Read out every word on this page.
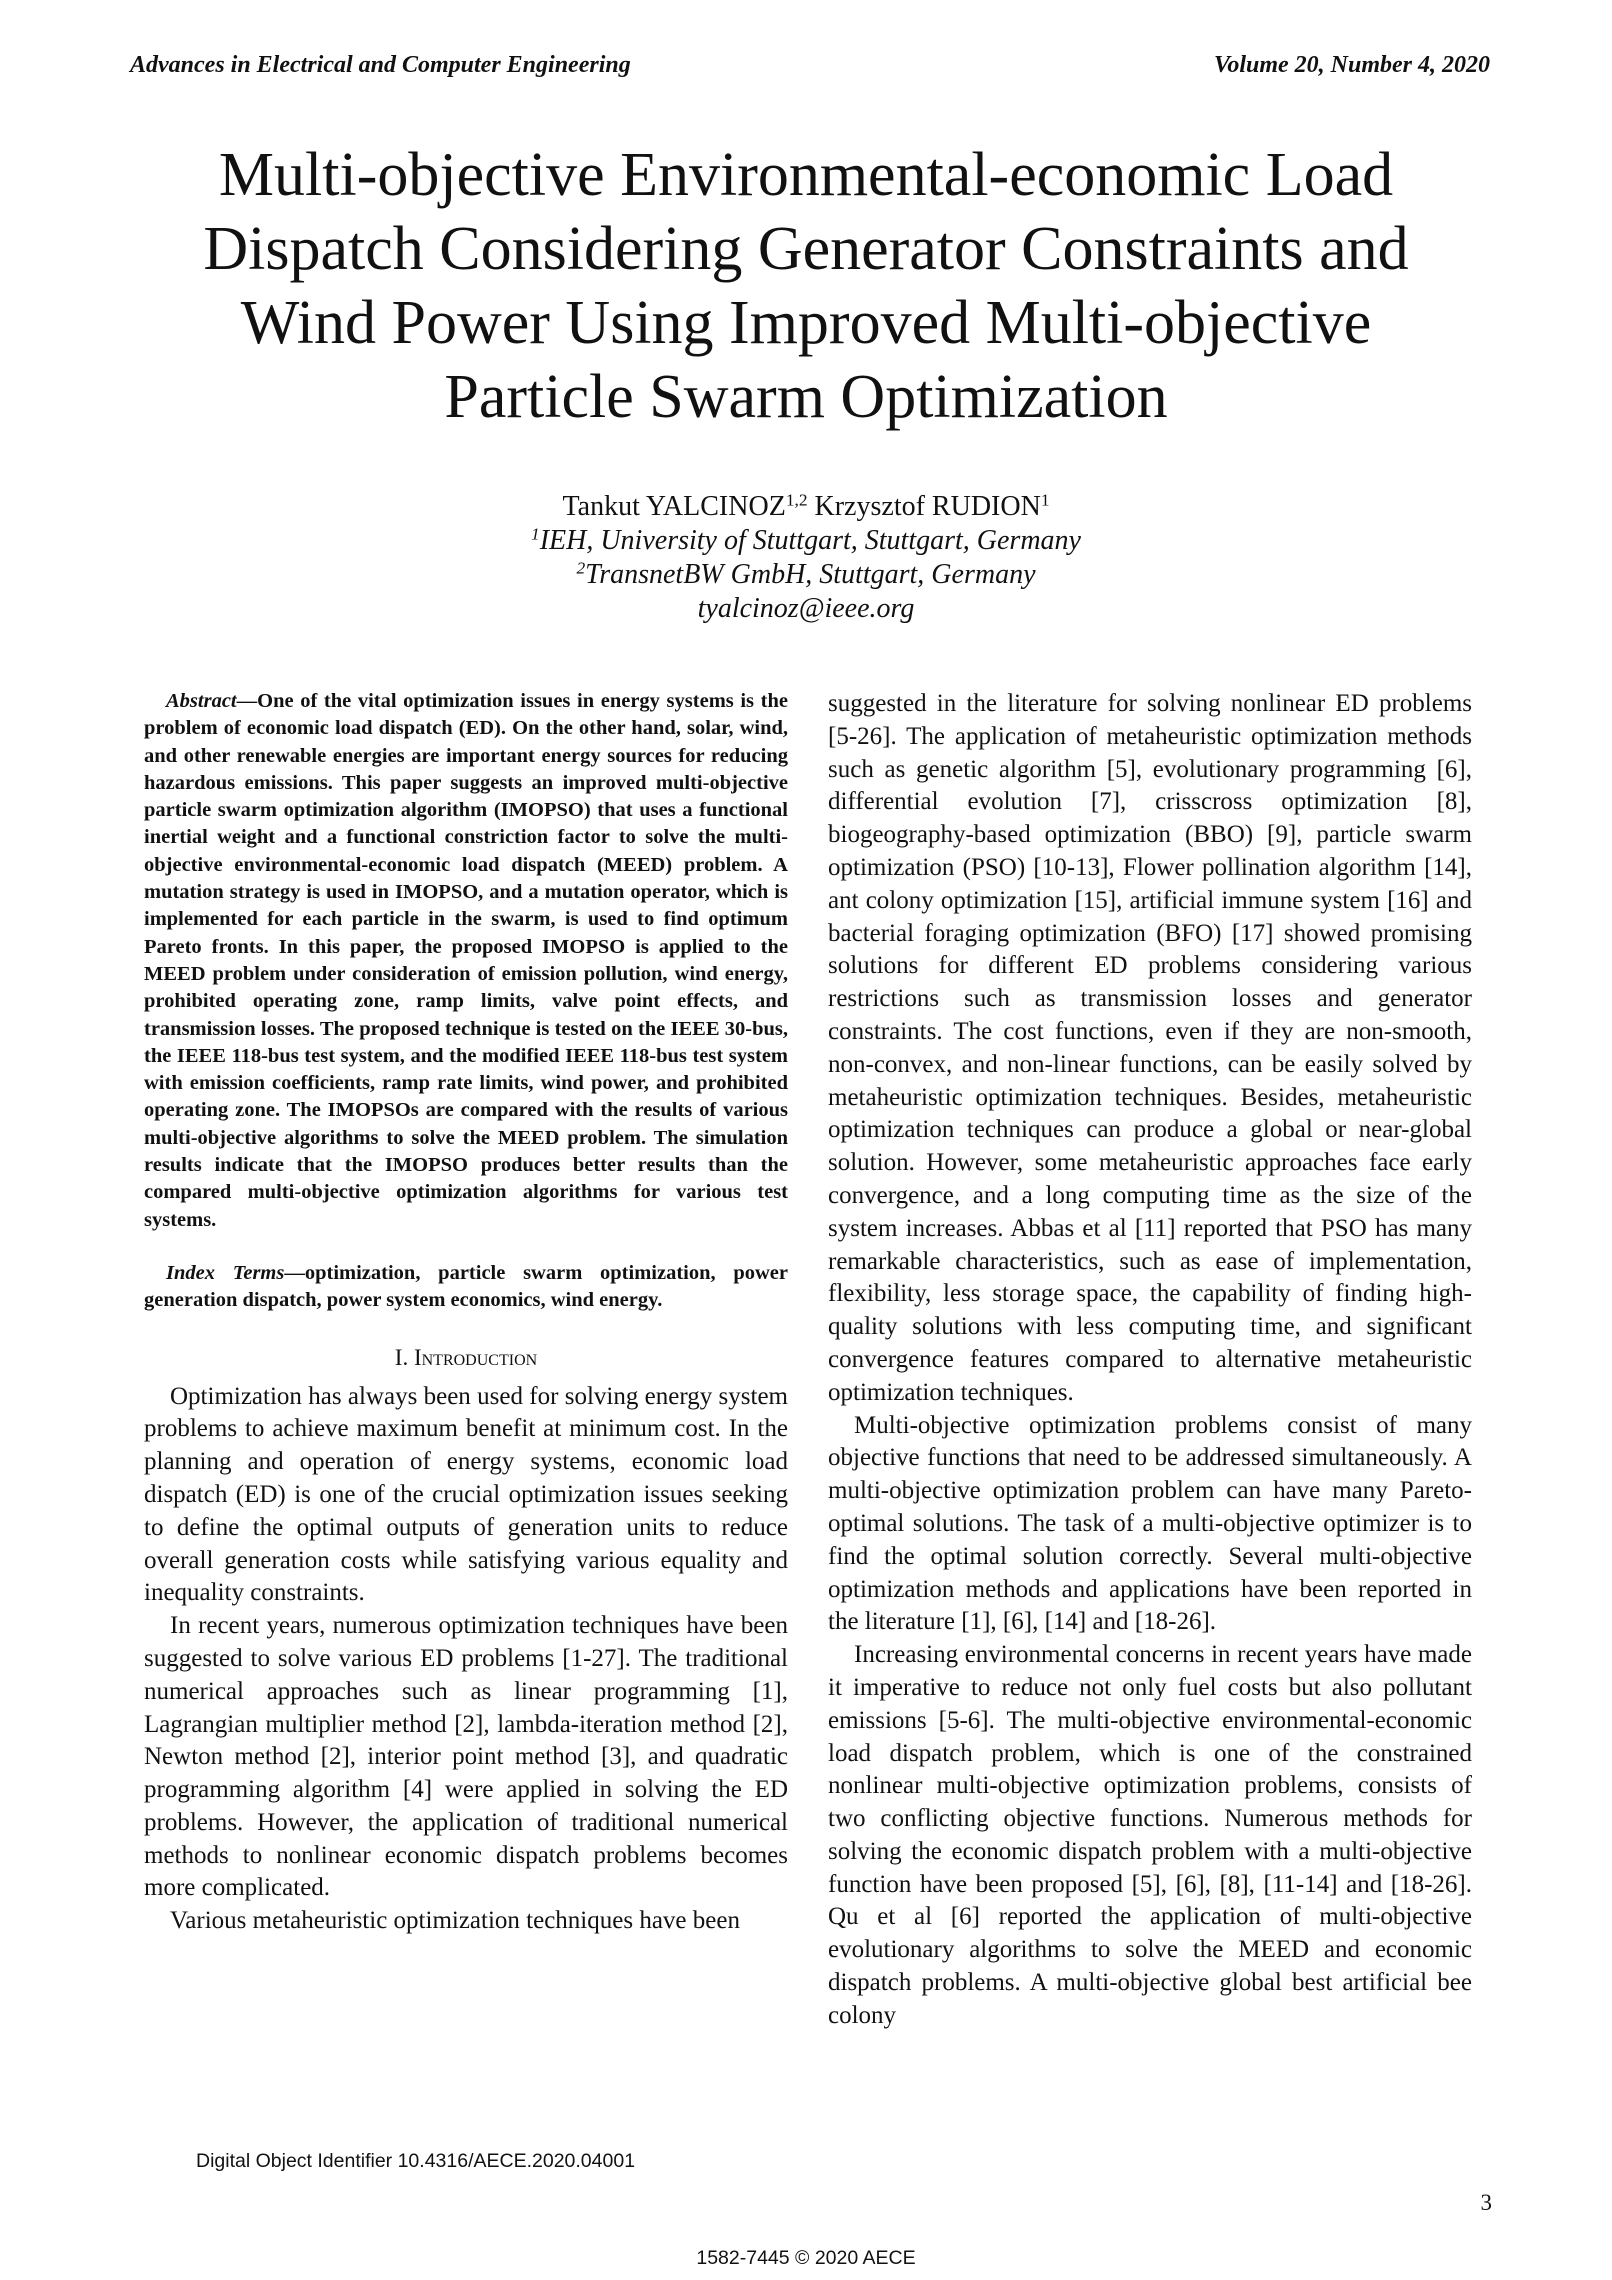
Advances in Electrical and Computer Engineering	Volume 20, Number 4, 2020
Multi-objective Environmental-economic Load
Dispatch Considering Generator Constraints and
Wind Power Using Improved Multi-objective
Particle Swarm Optimization
Tankut YALCINOZ$^{1,2}$ Krzysztof RUDION$^1$
$^1$IEH, University of Stuttgart, Stuttgart, Germany
$^2$TransnetBW GmbH, Stuttgart, Germany
tyalcinoz@ieee.org

Abstract—One of the vital optimization issues in energy systems is the problem of economic load dispatch (ED). On the other hand, solar, wind, and other renewable energies are important energy sources for reducing hazardous emissions. This paper suggests an improved multi-objective particle swarm optimization algorithm (IMOPSO) that uses a functional inertial weight and a functional constriction factor to solve the multi-objective environmental-economic load dispatch (MEED) problem. A mutation strategy is used in IMOPSO, and a mutation operator, which is implemented for each particle in the swarm, is used to find optimum Pareto fronts. In this paper, the proposed IMOPSO is applied to the MEED problem under consideration of emission pollution, wind energy, prohibited operating zone, ramp limits, valve point effects, and transmission losses. The proposed technique is tested on the IEEE 30-bus, the IEEE 118-bus test system, and the modified IEEE 118-bus test system with emission coefficients, ramp rate limits, wind power, and prohibited operating zone. The IMOPSOs are compared with the results of various multi-objective algorithms to solve the MEED problem. The simulation results indicate that the IMOPSO produces better results than the compared multi-objective optimization algorithms for various test systems.

Index Terms—optimization, particle swarm optimization, power generation dispatch, power system economics, wind energy.

I. Introduction

Optimization has always been used for solving energy system problems to achieve maximum benefit at minimum cost. In the planning and operation of energy systems, economic load dispatch (ED) is one of the crucial optimization issues seeking to define the optimal outputs of generation units to reduce overall generation costs while satisfying various equality and inequality constraints.

In recent years, numerous optimization techniques have been suggested to solve various ED problems [1-27]. The traditional numerical approaches such as linear programming [1], Lagrangian multiplier method [2], lambda-iteration method [2], Newton method [2], interior point method [3], and quadratic programming algorithm [4] were applied in solving the ED problems. However, the application of traditional numerical methods to nonlinear economic dispatch problems becomes more complicated.

Various metaheuristic optimization techniques have been

suggested in the literature for solving nonlinear ED problems [5-26]. The application of metaheuristic optimization methods such as genetic algorithm [5], evolutionary programming [6], differential evolution [7], crisscross optimization [8], biogeography-based optimization (BBO) [9], particle swarm optimization (PSO) [10-13], Flower pollination algorithm [14], ant colony optimization [15], artificial immune system [16] and bacterial foraging optimization (BFO) [17] showed promising solutions for different ED problems considering various restrictions such as transmission losses and generator constraints. The cost functions, even if they are non-smooth, non-convex, and non-linear functions, can be easily solved by metaheuristic optimization techniques. Besides, metaheuristic optimization techniques can produce a global or near-global solution. However, some metaheuristic approaches face early convergence, and a long computing time as the size of the system increases. Abbas et al [11] reported that PSO has many remarkable characteristics, such as ease of implementation, flexibility, less storage space, the capability of finding high-quality solutions with less computing time, and significant convergence features compared to alternative metaheuristic optimization techniques.

Multi-objective optimization problems consist of many objective functions that need to be addressed simultaneously. A multi-objective optimization problem can have many Pareto-optimal solutions. The task of a multi-objective optimizer is to find the optimal solution correctly. Several multi-objective optimization methods and applications have been reported in the literature [1], [6], [14] and [18-26].

Increasing environmental concerns in recent years have made it imperative to reduce not only fuel costs but also pollutant emissions [5-6]. The multi-objective environmental-economic load dispatch problem, which is one of the constrained nonlinear multi-objective optimization problems, consists of two conflicting objective functions. Numerous methods for solving the economic dispatch problem with a multi-objective function have been proposed [5], [6], [8], [11-14] and [18-26]. Qu et al [6] reported the application of multi-objective evolutionary algorithms to solve the MEED and economic dispatch problems. A multi-objective global best artificial bee colony

Digital Object Identifier 10.4316/AECE.2020.04001
3
1582-7445 © 2020 AECE
